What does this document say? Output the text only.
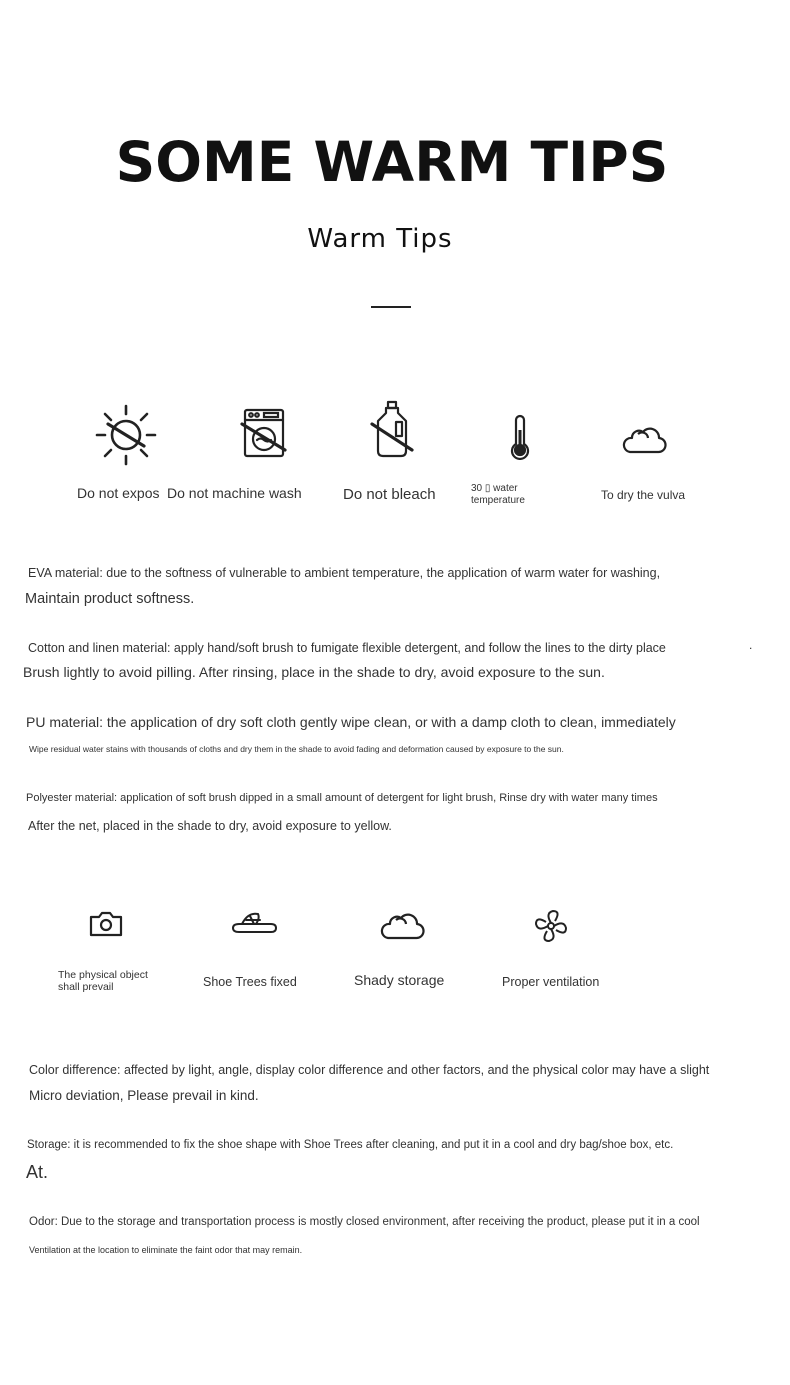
SOME WARM TIPS
Warm Tips
Do not expos Do not machine wash	Do not bleach	30 ▯ water
temperature	To dry the vulva
EVA material: due to the softness of vulnerable to ambient temperature, the application of warm water for washing,
Maintain product softness.
Cotton and linen material: apply hand/soft brush to fumigate flexible detergent, and follow the lines to the dirty place
Brush lightly to avoid pilling. After rinsing, place in the shade to dry, avoid exposure to the sun.
.
PU material: the application of dry soft cloth gently wipe clean, or with a damp cloth to clean, immediately
Wipe residual water stains with thousands of cloths and dry them in the shade to avoid fading and deformation caused by exposure to the sun.
Polyester material: application of soft brush dipped in a small amount of detergent for light brush, Rinse dry with water many times
After the net, placed in the shade to dry, avoid exposure to yellow.
The physical object
shall prevail	Shoe Trees fixed	Shady storage	Proper ventilation
Color difference: affected by light, angle, display color difference and other factors, and the physical color may have a slight
Micro deviation, Please prevail in kind.
Storage: it is recommended to fix the shoe shape with Shoe Trees after cleaning, and put it in a cool and dry bag/shoe box, etc.
At.
Odor: Due to the storage and transportation process is mostly closed environment, after receiving the product, please put it in a cool
Ventilation at the location to eliminate the faint odor that may remain.
